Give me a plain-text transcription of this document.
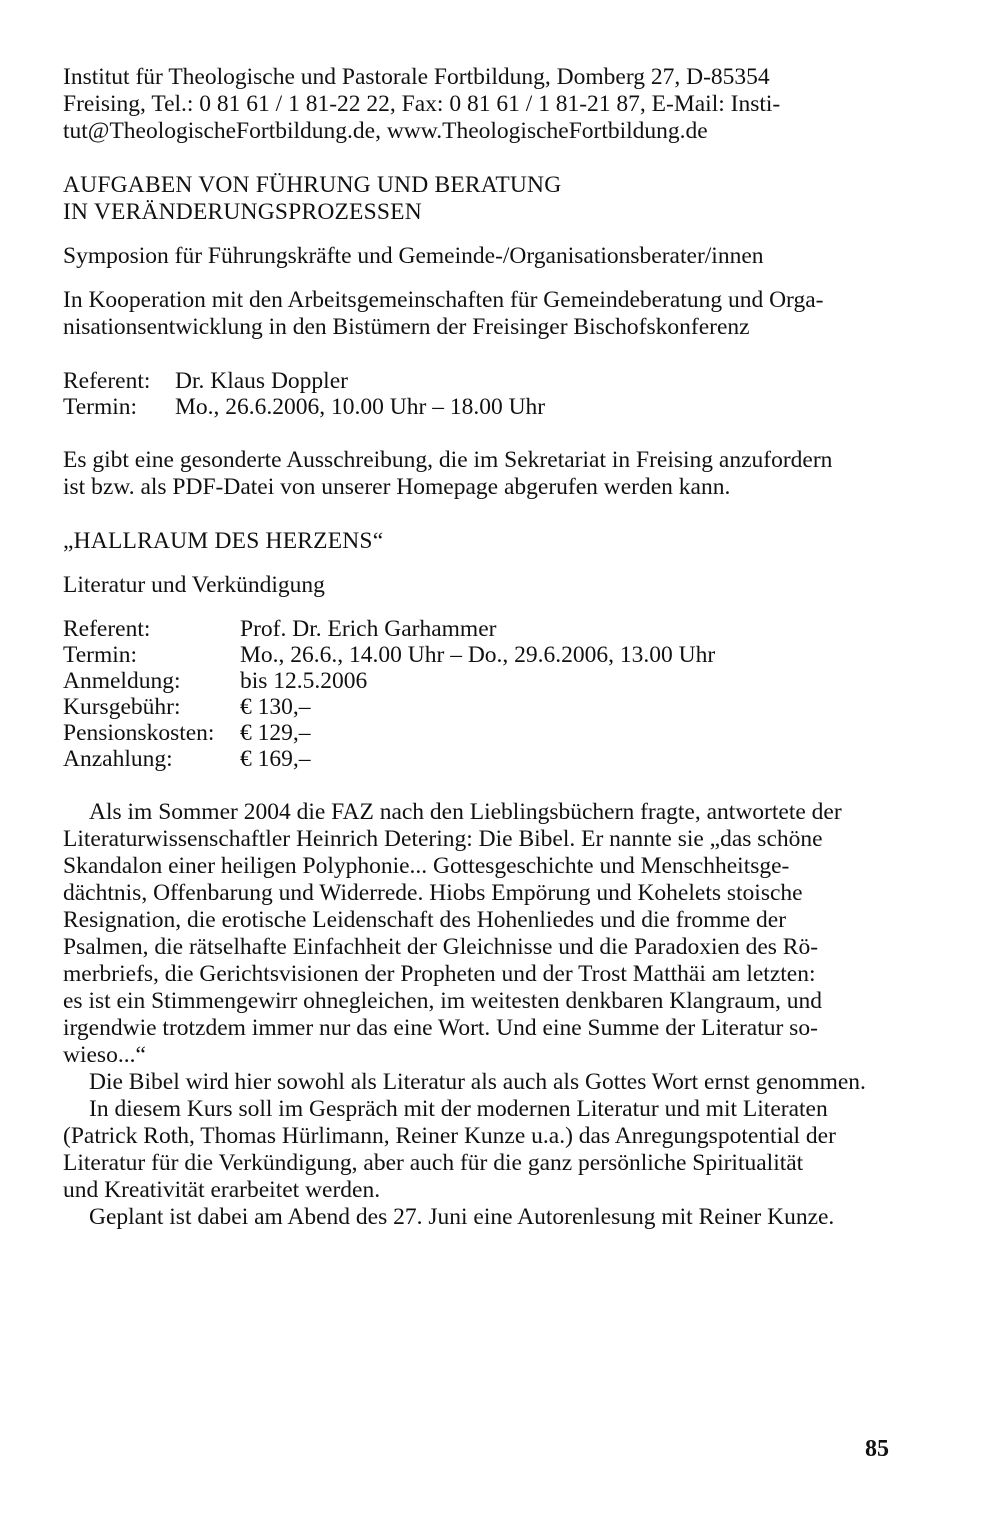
Institut für Theologische und Pastorale Fortbildung, Domberg 27, D-85354

Freising, Tel.: 0 81 61 / 1 81-22 22, Fax: 0 81 61 / 1 81-21 87, E-Mail: Insti-

tut@TheologischeFortbildung.de, www.TheologischeFortbildung.de

AUFGABEN VON FÜHRUNG UND BERATUNG

IN VERÄNDERUNGSPROZESSEN

Symposion für Führungskräfte und Gemeinde-/Organisationsberater/innen

In Kooperation mit den Arbeitsgemeinschaften für Gemeindeberatung und Orga-

nisationsentwicklung in den Bistümern der Freisinger Bischofskonferenz

Referent:	Dr. Klaus Doppler
Termin:	Mo., 26.6.2006, 10.00 Uhr – 18.00 Uhr

Es gibt eine gesonderte Ausschreibung, die im Sekretariat in Freising anzufordern

ist bzw. als PDF-Datei von unserer Homepage abgerufen werden kann.

„HALLRAUM DES HERZENS“

Literatur und Verkündigung

Referent:	Prof. Dr. Erich Garhammer
Termin:	Mo., 26.6., 14.00 Uhr – Do., 29.6.2006, 13.00 Uhr
Anmeldung:	bis 12.5.2006
Kursgebühr:	€ 130,–
Pensionskosten:	€ 129,–
Anzahlung:	€ 169,–

Als im Sommer 2004 die FAZ nach den Lieblingsbüchern fragte, antwortete der

Literaturwissenschaftler Heinrich Detering: Die Bibel. Er nannte sie „das schöne

Skandalon einer heiligen Polyphonie... Gottesgeschichte und Menschheitsge-

dächtnis, Offenbarung und Widerrede. Hiobs Empörung und Kohelets stoische

Resignation, die erotische Leidenschaft des Hohenliedes und die fromme der

Psalmen, die rätselhafte Einfachheit der Gleichnisse und die Paradoxien des Rö-

merbriefs, die Gerichtsvisionen der Propheten und der Trost Matthäi am letzten:

es ist ein Stimmengewirr ohnegleichen, im weitesten denkbaren Klangraum, und

irgendwie trotzdem immer nur das eine Wort. Und eine Summe der Literatur so-

wieso...“

Die Bibel wird hier sowohl als Literatur als auch als Gottes Wort ernst genommen.

In diesem Kurs soll im Gespräch mit der modernen Literatur und mit Literaten

(Patrick Roth, Thomas Hürlimann, Reiner Kunze u.a.) das Anregungspotential der

Literatur für die Verkündigung, aber auch für die ganz persönliche Spiritualität

und Kreativität erarbeitet werden.

Geplant ist dabei am Abend des 27. Juni eine Autorenlesung mit Reiner Kunze.

85
